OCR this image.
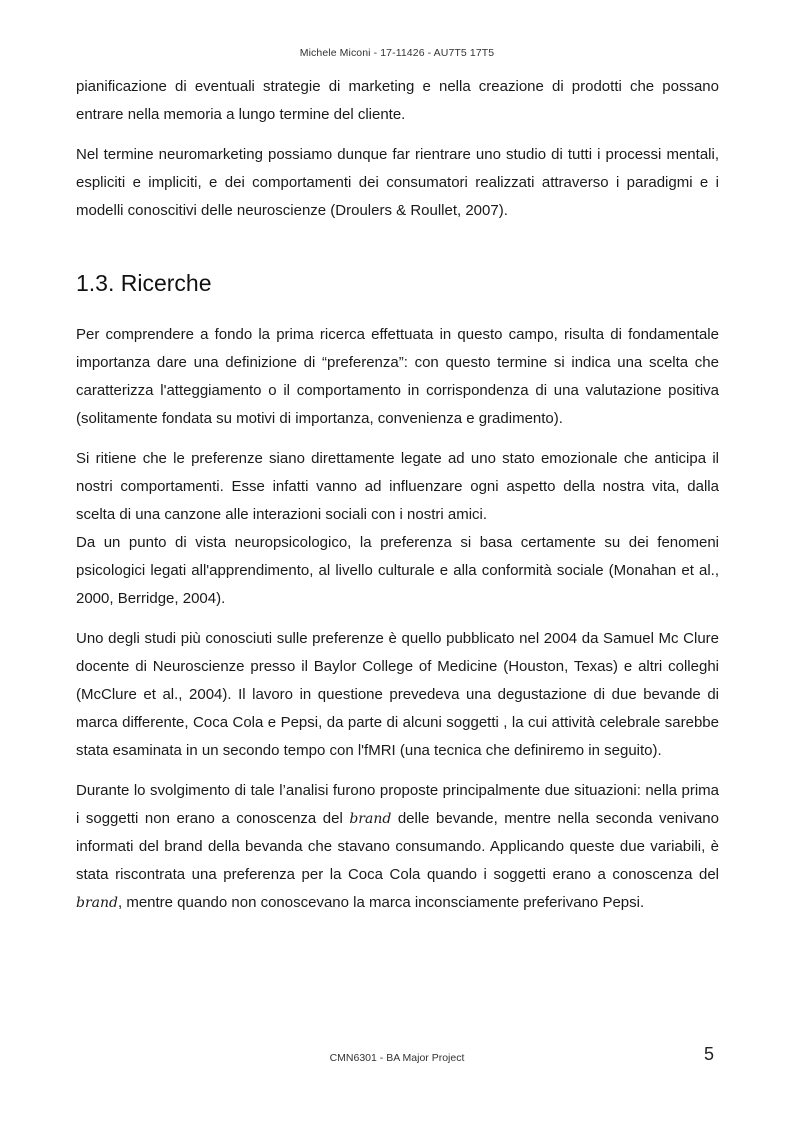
Michele Miconi - 17-11426 - AU7T5 17T5

pianificazione di eventuali strategie di marketing e nella creazione di prodotti che possano entrare nella memoria a lungo termine del cliente.

Nel termine neuromarketing possiamo dunque far rientrare uno studio di tutti i processi mentali, espliciti e impliciti, e dei comportamenti dei consumatori realizzati attraverso i paradigmi e i modelli conoscitivi delle neuroscienze (Droulers & Roullet, 2007).

1.3. Ricerche

Per comprendere a fondo la prima ricerca effettuata in questo campo, risulta di fondamentale importanza dare una definizione di “preferenza”: con questo termine si indica una scelta che caratterizza l'atteggiamento o il comportamento in corrispondenza di una valutazione positiva (solitamente fondata su motivi di importanza, convenienza e gradimento).

Si ritiene che le preferenze siano direttamente legate ad uno stato emozionale che anticipa il nostri comportamenti. Esse infatti vanno ad influenzare ogni aspetto della nostra vita, dalla scelta di una canzone alle interazioni sociali con i nostri amici.

Da un punto di vista neuropsicologico, la preferenza si basa certamente su dei fenomeni psicologici legati all'apprendimento, al livello culturale e alla conformità sociale (Monahan et al., 2000, Berridge, 2004).

Uno degli studi più conosciuti sulle preferenze è quello pubblicato nel 2004 da Samuel Mc Clure docente di Neuroscienze presso il Baylor College of Medicine (Houston, Texas) e altri colleghi (McClure et al., 2004). Il lavoro in questione prevedeva una degustazione di due bevande di marca differente, Coca Cola e Pepsi, da parte di alcuni soggetti , la cui attività celebrale sarebbe stata esaminata in un secondo tempo con l'fMRI (una tecnica che definiremo in seguito).

Durante lo svolgimento di tale l’analisi furono proposte principalmente due situazioni: nella prima i soggetti non erano a conoscenza del brand delle bevande, mentre nella seconda venivano informati del brand della bevanda che stavano consumando. Applicando queste due variabili, è stata riscontrata una preferenza per la Coca Cola quando i soggetti erano a conoscenza del brand, mentre quando non conoscevano la marca inconsciamente preferivano Pepsi.

CMN6301 - BA Major Project	5
